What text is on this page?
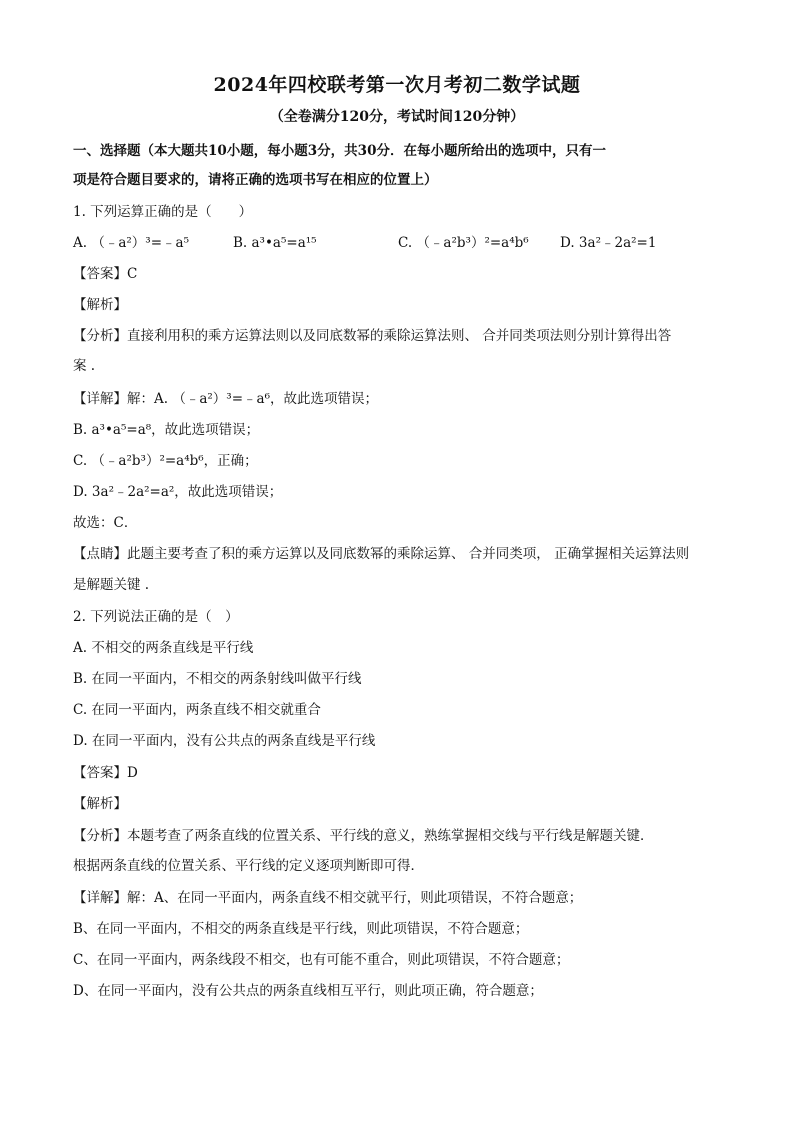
2024年四校联考第一次月考初二数学试题
（全卷满分120分，考试时间120分钟）
一、选择题（本大题共10小题，每小题3分，共30分．在每小题所给出的选项中，只有一
项是符合题目要求的，请将正确的选项书写在相应的位置上）
1. 下列运算正确的是（　　）
A. （﹣a²）³=﹣a⁵	B. a³•a⁵=a¹⁵	C. （﹣a²b³）²=a⁴b⁶ D. 3a²﹣2a²=1
【答案】C
【解析】
【分析】直接利用积的乘方运算法则以及同底数幂的乘除运算法则、 合并同类项法则分别计算得出答
案 .
【详解】解：A. （﹣a²）³=﹣a⁶，故此选项错误；
B. a³•a⁵=a⁸，故此选项错误；
C. （﹣a²b³）²=a⁴b⁶，正确；
D. 3a²﹣2a²=a²，故此选项错误；
故选：C．
【点睛】此题主要考查了积的乘方运算以及同底数幂的乘除运算、 合并同类项， 正确掌握相关运算法则
是解题关键 .
2. 下列说法正确的是（　）
A. 不相交的两条直线是平行线
B. 在同一平面内，不相交的两条射线叫做平行线
C. 在同一平面内，两条直线不相交就重合
D. 在同一平面内，没有公共点的两条直线是平行线
【答案】D
【解析】
【分析】本题考查了两条直线的位置关系、平行线的意义，熟练掌握相交线与平行线是解题关键．
根据两条直线的位置关系、平行线的定义逐项判断即可得．
【详解】解：A、在同一平面内，两条直线不相交就平行，则此项错误，不符合题意；
B、在同一平面内，不相交的两条直线是平行线，则此项错误，不符合题意；
C、在同一平面内，两条线段不相交，也有可能不重合，则此项错误，不符合题意；
D、在同一平面内，没有公共点的两条直线相互平行，则此项正确，符合题意；
